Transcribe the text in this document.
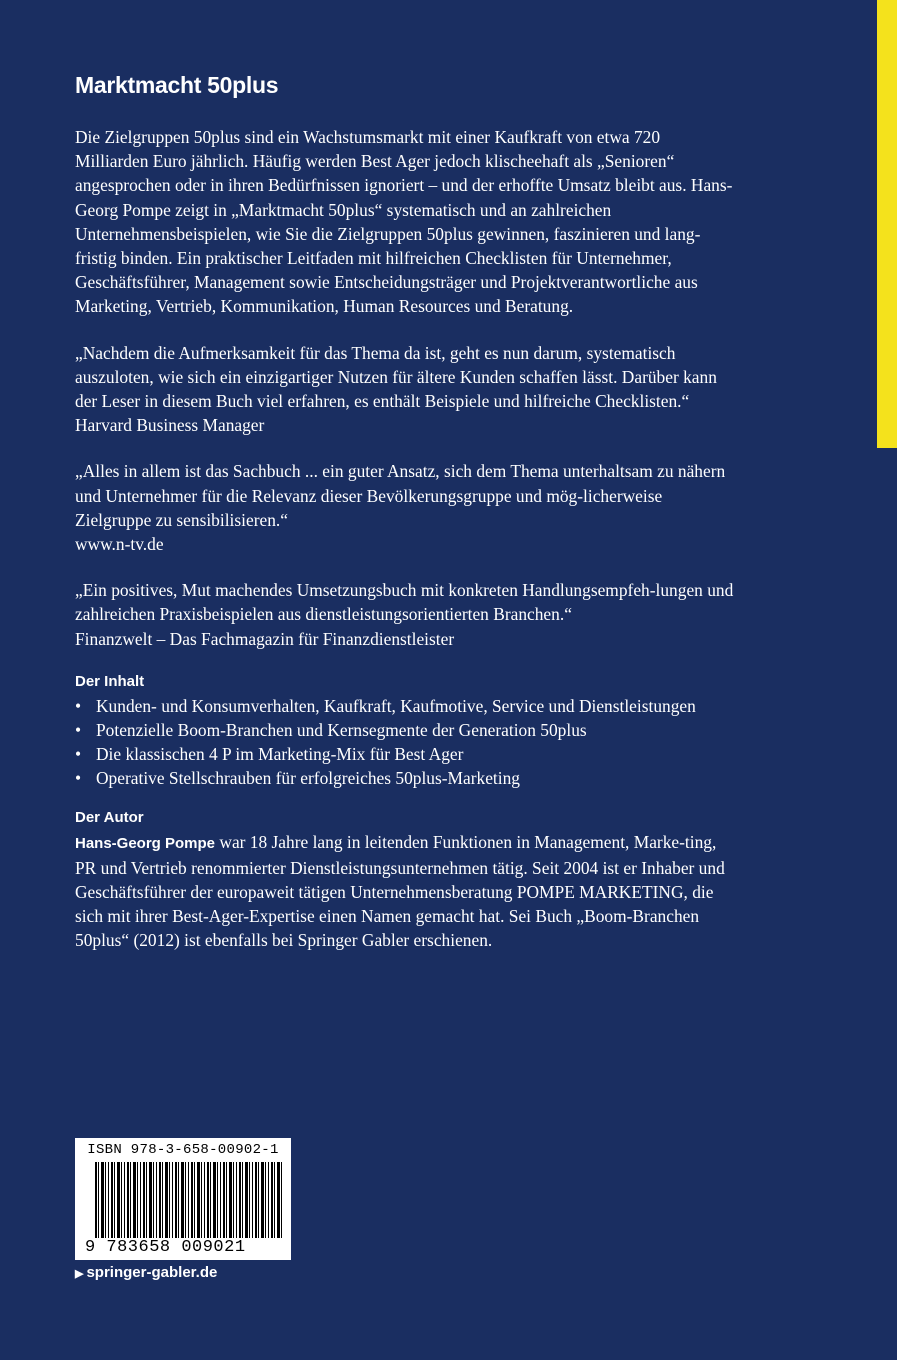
Marktmacht 50plus

Die Zielgruppen 50plus sind ein Wachstumsmarkt mit einer Kaufkraft von etwa 720 Milliarden Euro jährlich. Häufig werden Best Ager jedoch klischeehaft als „Senioren“ angesprochen oder in ihren Bedürfnissen ignoriert – und der erhoffte Umsatz bleibt aus. Hans-Georg Pompe zeigt in „Marktmacht 50plus“ systematisch und an zahlreichen Unternehmensbeispielen, wie Sie die Zielgruppen 50plus gewinnen, faszinieren und lang-fristig binden. Ein praktischer Leitfaden mit hilfreichen Checklisten für Unternehmer, Geschäftsführer, Management sowie Entscheidungsträger und Projektverantwortliche aus Marketing, Vertrieb, Kommunikation, Human Resources und Beratung.

„Nachdem die Aufmerksamkeit für das Thema da ist, geht es nun darum, systematisch auszuloten, wie sich ein einzigartiger Nutzen für ältere Kunden schaffen lässt. Darüber kann der Leser in diesem Buch viel erfahren, es enthält Beispiele und hilfreiche Checklisten.“
Harvard Business Manager

„Alles in allem ist das Sachbuch ... ein guter Ansatz, sich dem Thema unterhaltsam zu nähern und Unternehmer für die Relevanz dieser Bevölkerungsgruppe und mög-licherweise Zielgruppe zu sensibilisieren.“
www.n-tv.de

„Ein positives, Mut machendes Umsetzungsbuch mit konkreten Handlungsempfeh-lungen und zahlreichen Praxisbeispielen aus dienstleistungsorientierten Branchen.“
Finanzwelt – Das Fachmagazin für Finanzdienstleister

Der Inhalt
• Kunden- und Konsumverhalten, Kaufkraft, Kaufmotive, Service und Dienstleistungen
• Potenzielle Boom-Branchen und Kernsegmente der Generation 50plus
• Die klassischen 4 P im Marketing-Mix für Best Ager
• Operative Stellschrauben für erfolgreiches 50plus-Marketing
Der Autor

Hans-Georg Pompe war 18 Jahre lang in leitenden Funktionen in Management, Marke-ting, PR und Vertrieb renommierter Dienstleistungsunternehmen tätig. Seit 2004 ist er Inhaber und Geschäftsführer der europaweit tätigen Unternehmensberatung POMPE MARKETING, die sich mit ihrer Best-Ager-Expertise einen Namen gemacht hat. Sei Buch „Boom-Branchen 50plus“ (2012) ist ebenfalls bei Springer Gabler erschienen.

ISBN 978-3-658-00902-1
9 783658 009021
▶ springer-gabler.de
